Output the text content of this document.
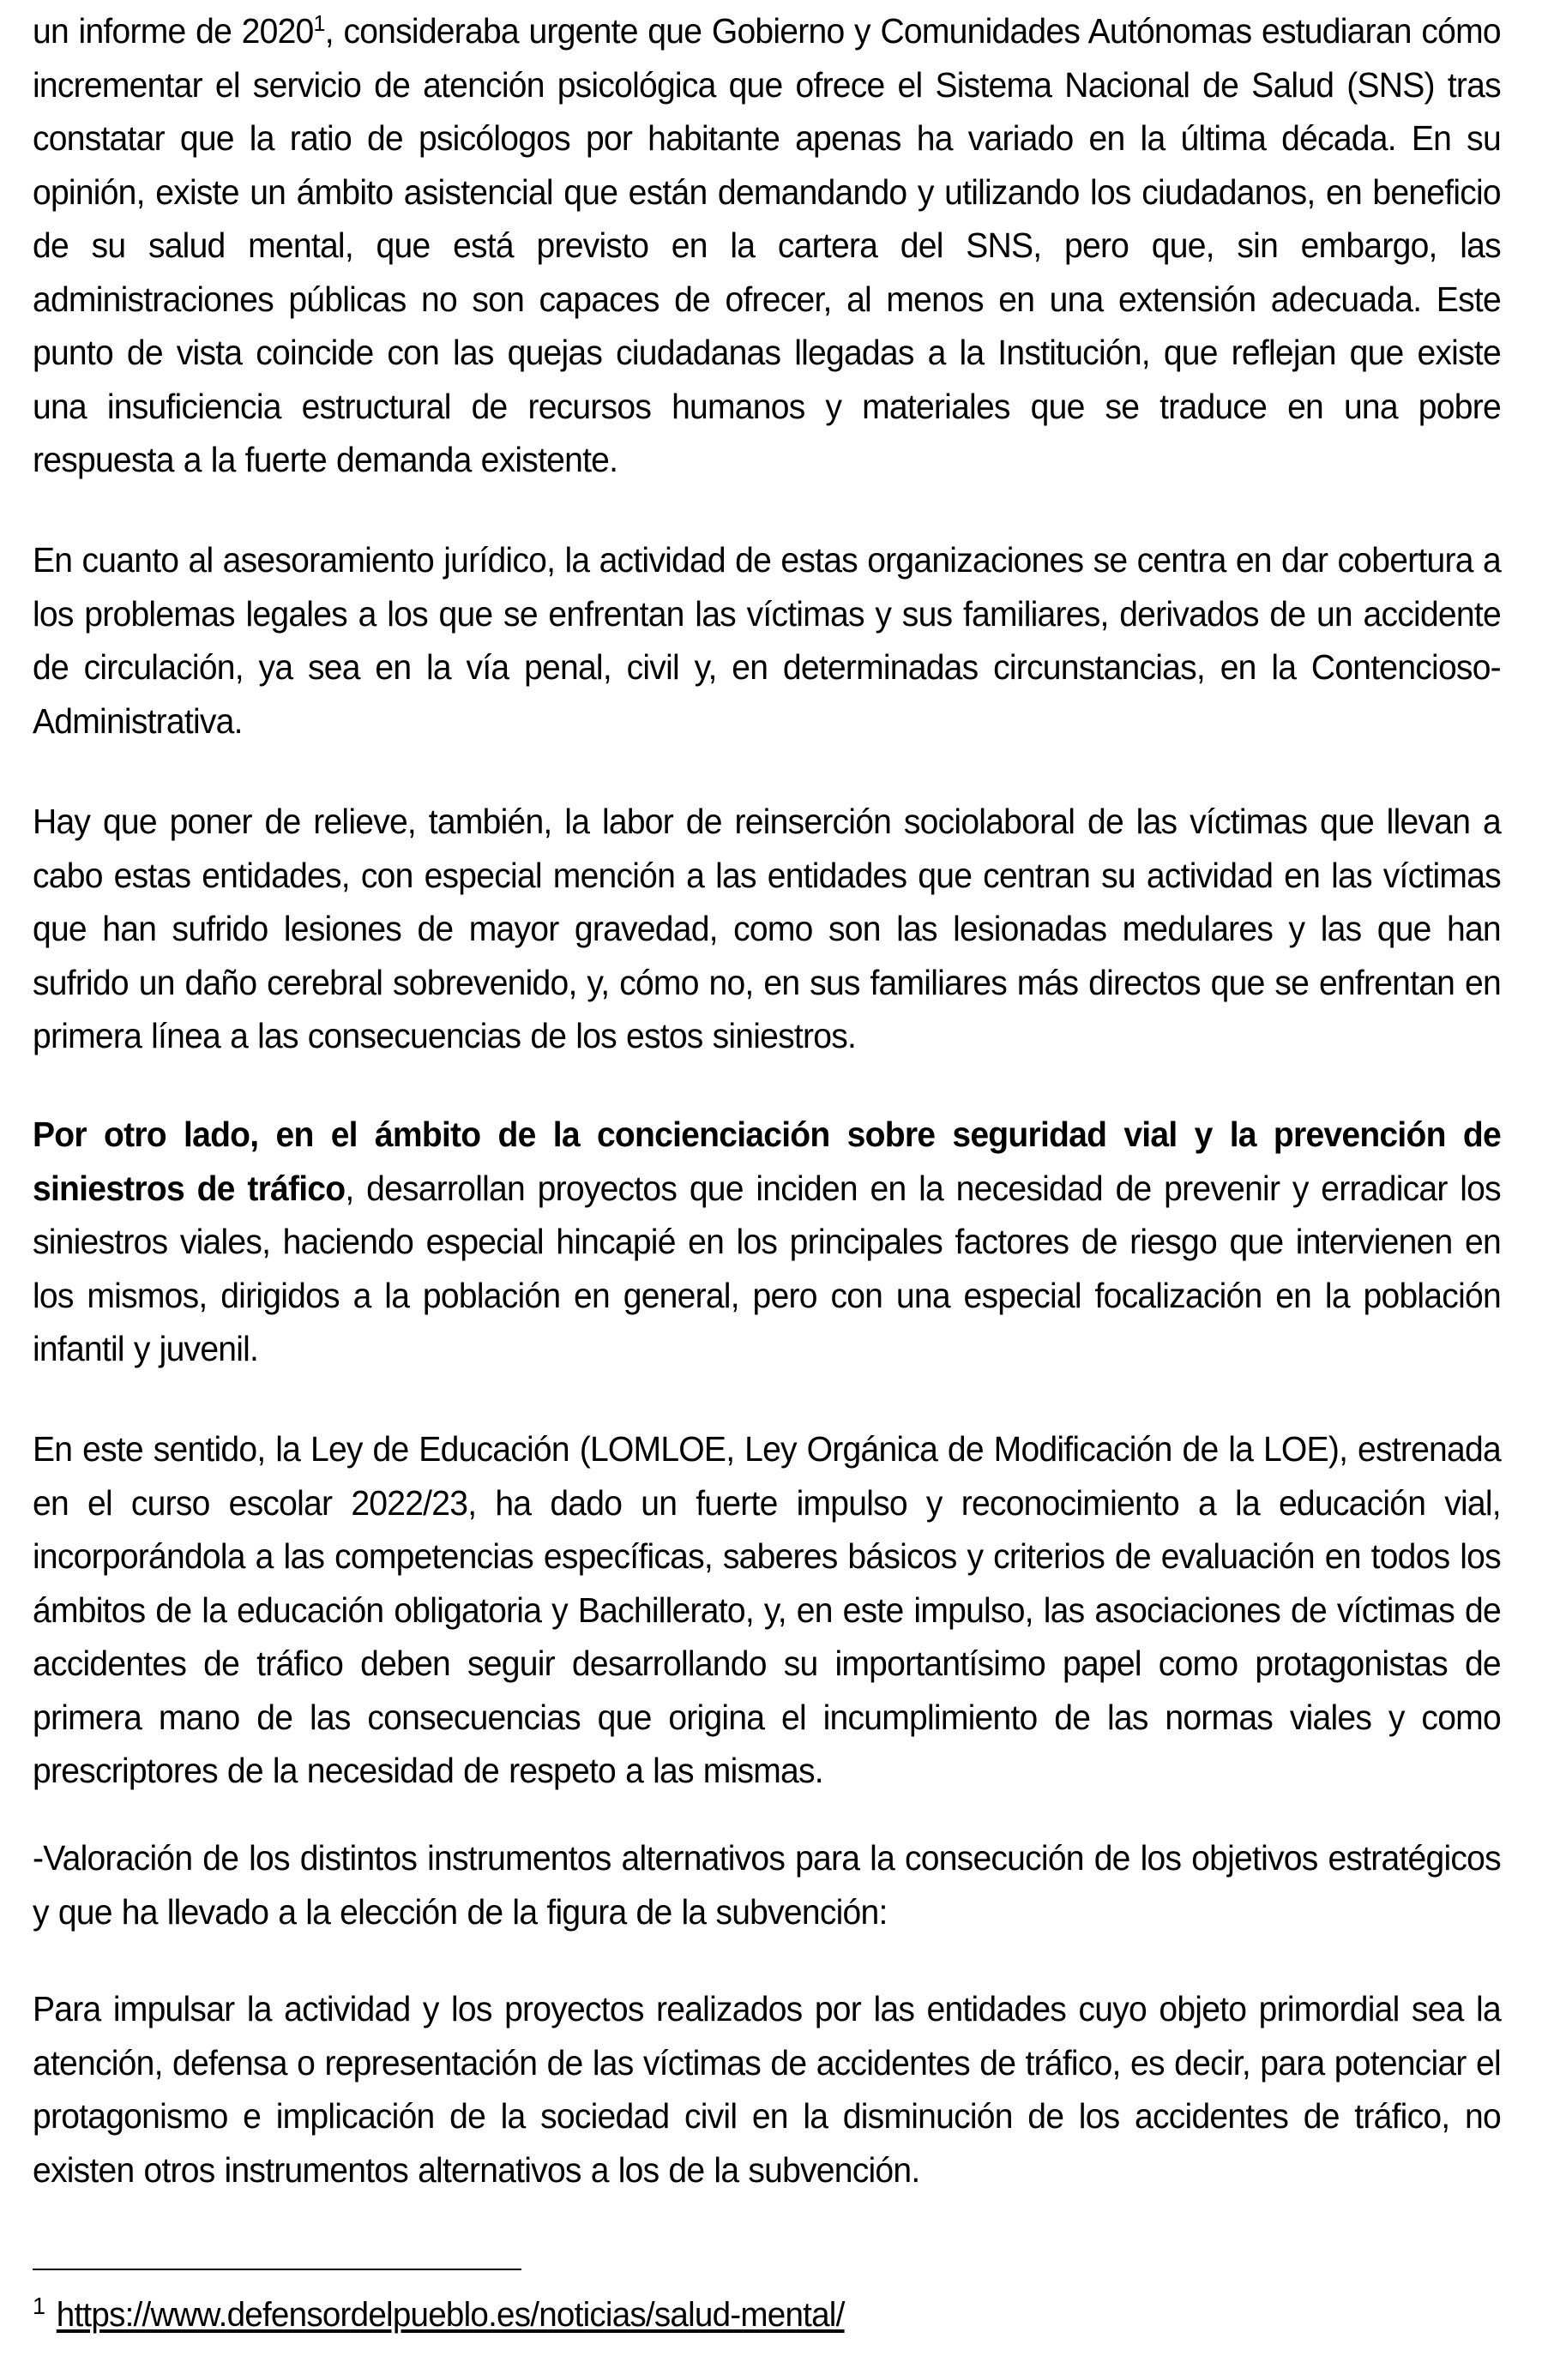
un informe de 2020$^1$, consideraba urgente que Gobierno y Comunidades Autónomas estudiaran cómo incrementar el servicio de atención psicológica que ofrece el Sistema Nacional de Salud (SNS) tras constatar que la ratio de psicólogos por habitante apenas ha variado en la última década. En su opinión, existe un ámbito asistencial que están demandando y utilizando los ciudadanos, en beneficio de su salud mental, que está previsto en la cartera del SNS, pero que, sin embargo, las administraciones públicas no son capaces de ofrecer, al menos en una extensión adecuada. Este punto de vista coincide con las quejas ciudadanas llegadas a la Institución, que reflejan que existe una insuficiencia estructural de recursos humanos y materiales que se traduce en una pobre respuesta a la fuerte demanda existente.

En cuanto al asesoramiento jurídico, la actividad de estas organizaciones se centra en dar cobertura a los problemas legales a los que se enfrentan las víctimas y sus familiares, derivados de un accidente de circulación, ya sea en la vía penal, civil y, en determinadas circunstancias, en la Contencioso-Administrativa.

Hay que poner de relieve, también, la labor de reinserción sociolaboral de las víctimas que llevan a cabo estas entidades, con especial mención a las entidades que centran su actividad en las víctimas que han sufrido lesiones de mayor gravedad, como son las lesionadas medulares y las que han sufrido un daño cerebral sobrevenido, y, cómo no, en sus familiares más directos que se enfrentan en primera línea a las consecuencias de los estos siniestros.

Por otro lado, en el ámbito de la concienciación sobre seguridad vial y la prevención de siniestros de tráfico, desarrollan proyectos que inciden en la necesidad de prevenir y erradicar los siniestros viales, haciendo especial hincapié en los principales factores de riesgo que intervienen en los mismos, dirigidos a la población en general, pero con una especial focalización en la población infantil y juvenil.

En este sentido, la Ley de Educación (LOMLOE, Ley Orgánica de Modificación de la LOE), estrenada en el curso escolar 2022/23, ha dado un fuerte impulso y reconocimiento a la educación vial, incorporándola a las competencias específicas, saberes básicos y criterios de evaluación en todos los ámbitos de la educación obligatoria y Bachillerato, y, en este impulso, las asociaciones de víctimas de accidentes de tráfico deben seguir desarrollando su importantísimo papel como protagonistas de primera mano de las consecuencias que origina el incumplimiento de las normas viales y como prescriptores de la necesidad de respeto a las mismas.

-Valoración de los distintos instrumentos alternativos para la consecución de los objetivos estratégicos y que ha llevado a la elección de la figura de la subvención:

Para impulsar la actividad y los proyectos realizados por las entidades cuyo objeto primordial sea la atención, defensa o representación de las víctimas de accidentes de tráfico, es decir, para potenciar el protagonismo e implicación de la sociedad civil en la disminución de los accidentes de tráfico, no existen otros instrumentos alternativos a los de la subvención.

$^1$ https://www.defensordelpueblo.es/noticias/salud-mental/
